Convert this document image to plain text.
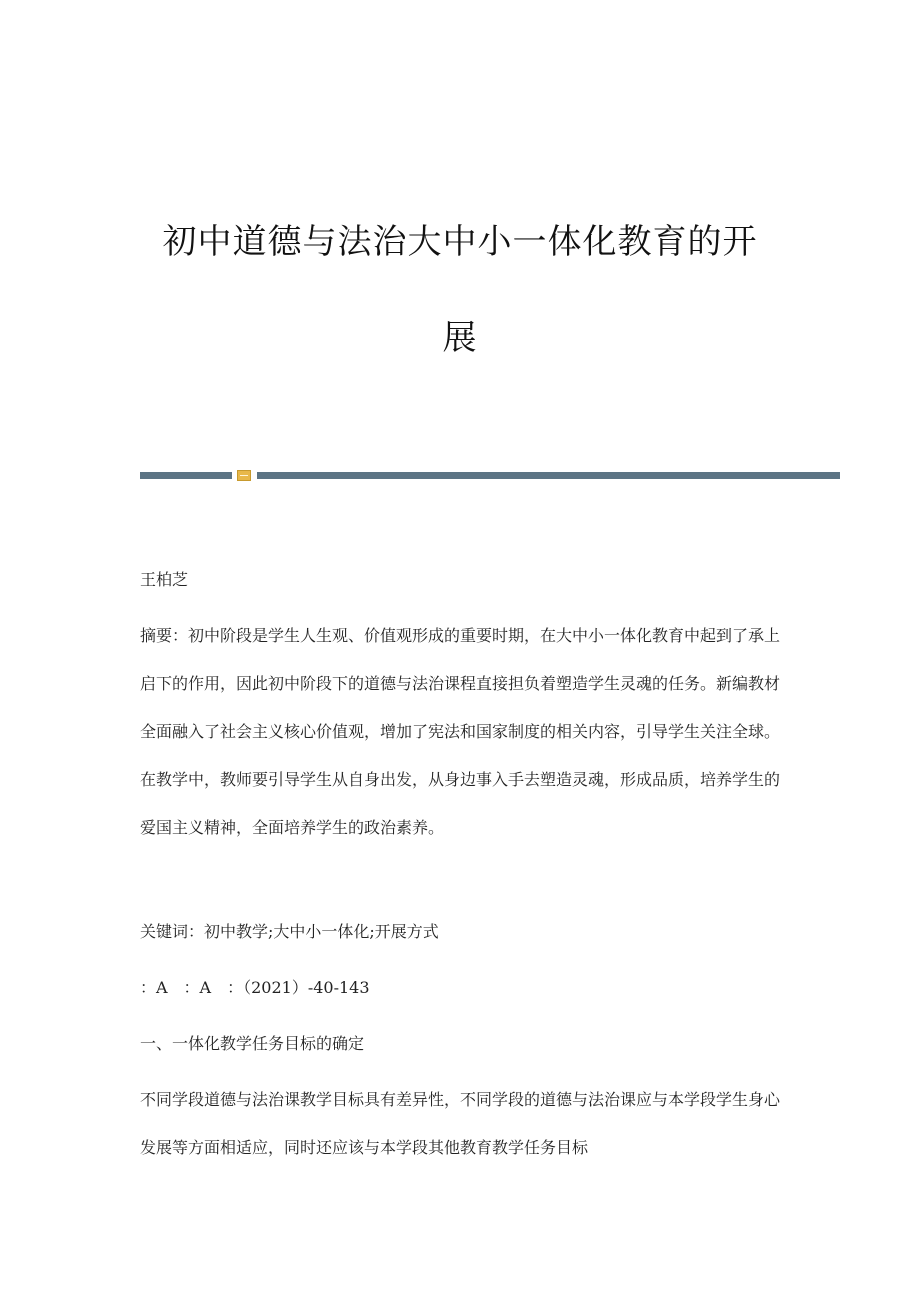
初中道德与法治大中小一体化教育的开
展

王柏芝

摘要：初中阶段是学生人生观、价值观形成的重要时期，在大中小一体化教育中起到了承上启下的作用，因此初中阶段下的道德与法治课程直接担负着塑造学生灵魂的任务。新编教材全面融入了社会主义核心价值观，增加了宪法和国家制度的相关内容，引导学生关注全球。在教学中，教师要引导学生从自身出发，从身边事入手去塑造灵魂，形成品质，培养学生的爱国主义精神，全面培养学生的政治素养。

关键词：初中教学;大中小一体化;开展方式

：A　：A　：（2021）-40-143

一、一体化教学任务目标的确定

不同学段道德与法治课教学目标具有差异性，不同学段的道德与法治课应与本学段学生身心发展等方面相适应，同时还应该与本学段其他教育教学任务目标
